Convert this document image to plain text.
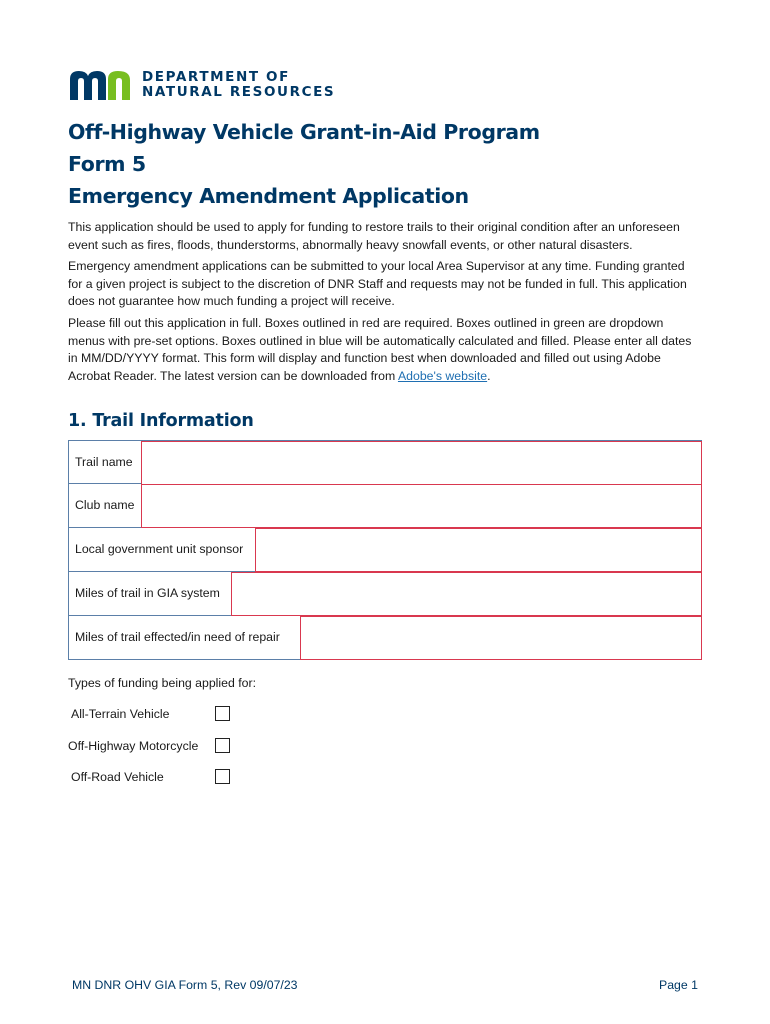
DEPARTMENT OF
NATURAL RESOURCES
Off-Highway Vehicle Grant-in-Aid Program
Form 5
Emergency Amendment Application

This application should be used to apply for funding to restore trails to their original condition after an unforeseen event such as fires, floods, thunderstorms, abnormally heavy snowfall events, or other natural disasters.

Emergency amendment applications can be submitted to your local Area Supervisor at any time. Funding granted for a given project is subject to the discretion of DNR Staff and requests may not be funded in full. This application does not guarantee how much funding a project will receive.

Please fill out this application in full. Boxes outlined in red are required. Boxes outlined in green are dropdown menus with pre-set options. Boxes outlined in blue will be automatically calculated and filled. Please enter all dates in MM/DD/YYYY format. This form will display and function best when downloaded and filled out using Adobe Acrobat Reader. The latest version can be downloaded from Adobe's website.

1. Trail Information
Trail name
Club name
Local government unit sponsor
Miles of trail in GIA system
Miles of trail effected/in need of repair
Types of funding being applied for:
All-Terrain Vehicle
Off-Highway Motorcycle
Off-Road Vehicle
MN DNR OHV GIA Form 5, Rev 09/07/23	Page 1
